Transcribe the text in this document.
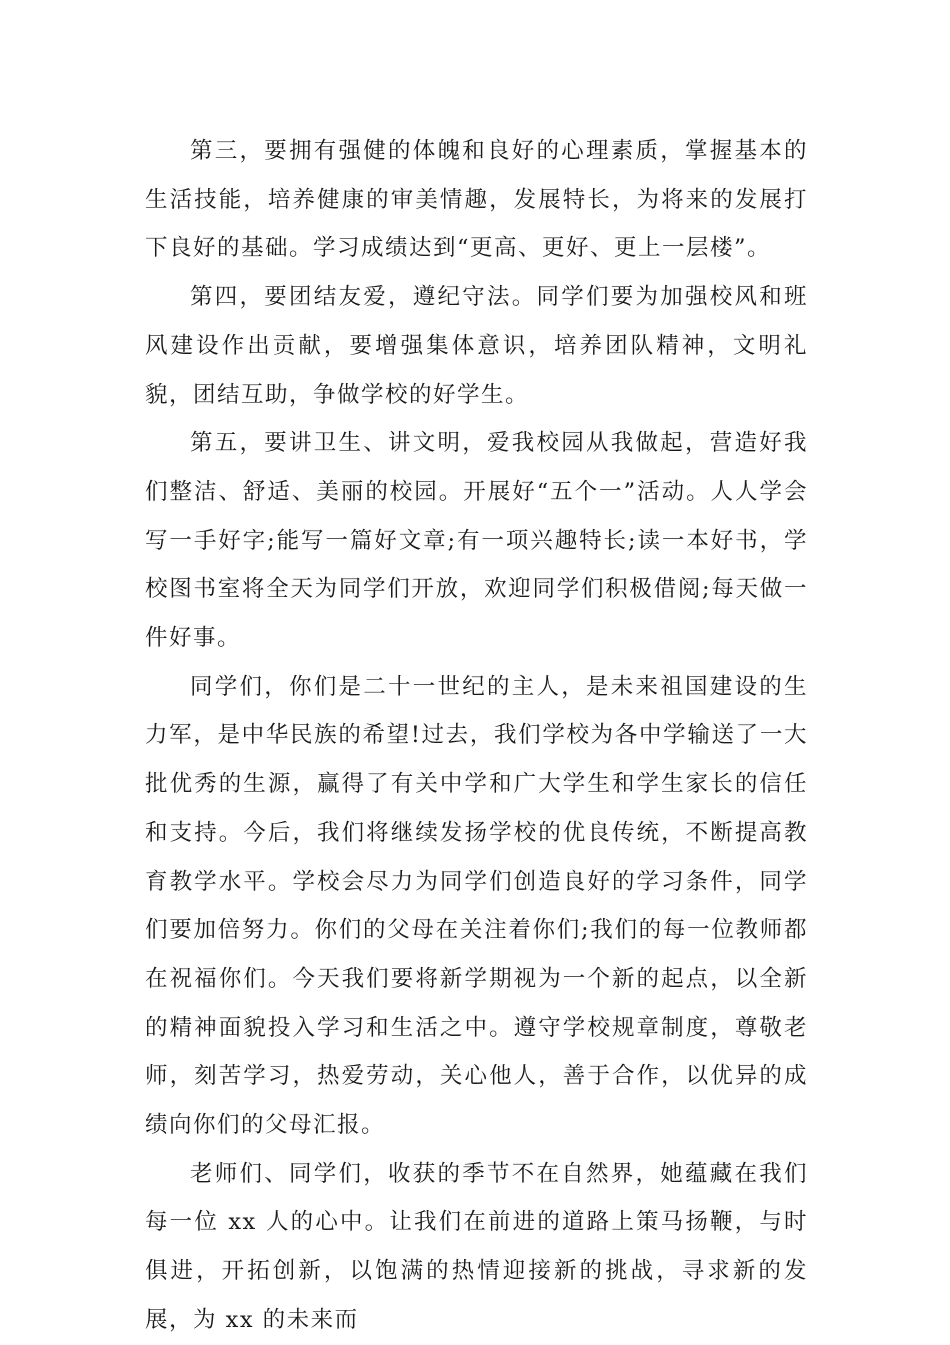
第三，要拥有强健的体魄和良好的心理素质，掌握基本的生活技能，培养健康的审美情趣，发展特长，为将来的发展打下良好的基础。学习成绩达到“更高、更好、更上一层楼”。

第四，要团结友爱，遵纪守法。同学们要为加强校风和班风建设作出贡献，要增强集体意识，培养团队精神，文明礼貌，团结互助，争做学校的好学生。

第五，要讲卫生、讲文明，爱我校园从我做起，营造好我们整洁、舒适、美丽的校园。开展好“五个一”活动。人人学会写一手好字;能写一篇好文章;有一项兴趣特长;读一本好书，学校图书室将全天为同学们开放，欢迎同学们积极借阅;每天做一件好事。

同学们，你们是二十一世纪的主人，是未来祖国建设的生力军，是中华民族的希望!过去，我们学校为各中学输送了一大批优秀的生源，赢得了有关中学和广大学生和学生家长的信任和支持。今后，我们将继续发扬学校的优良传统，不断提高教育教学水平。学校会尽力为同学们创造良好的学习条件，同学们要加倍努力。你们的父母在关注着你们;我们的每一位教师都在祝福你们。今天我们要将新学期视为一个新的起点，以全新的精神面貌投入学习和生活之中。遵守学校规章制度，尊敬老师，刻苦学习，热爱劳动，关心他人，善于合作，以优异的成绩向你们的父母汇报。

老师们、同学们，收获的季节不在自然界，她蕴藏在我们每一位 xx 人的心中。让我们在前进的道路上策马扬鞭，与时俱进，开拓创新，以饱满的热情迎接新的挑战，寻求新的发展，为 xx 的未来而
